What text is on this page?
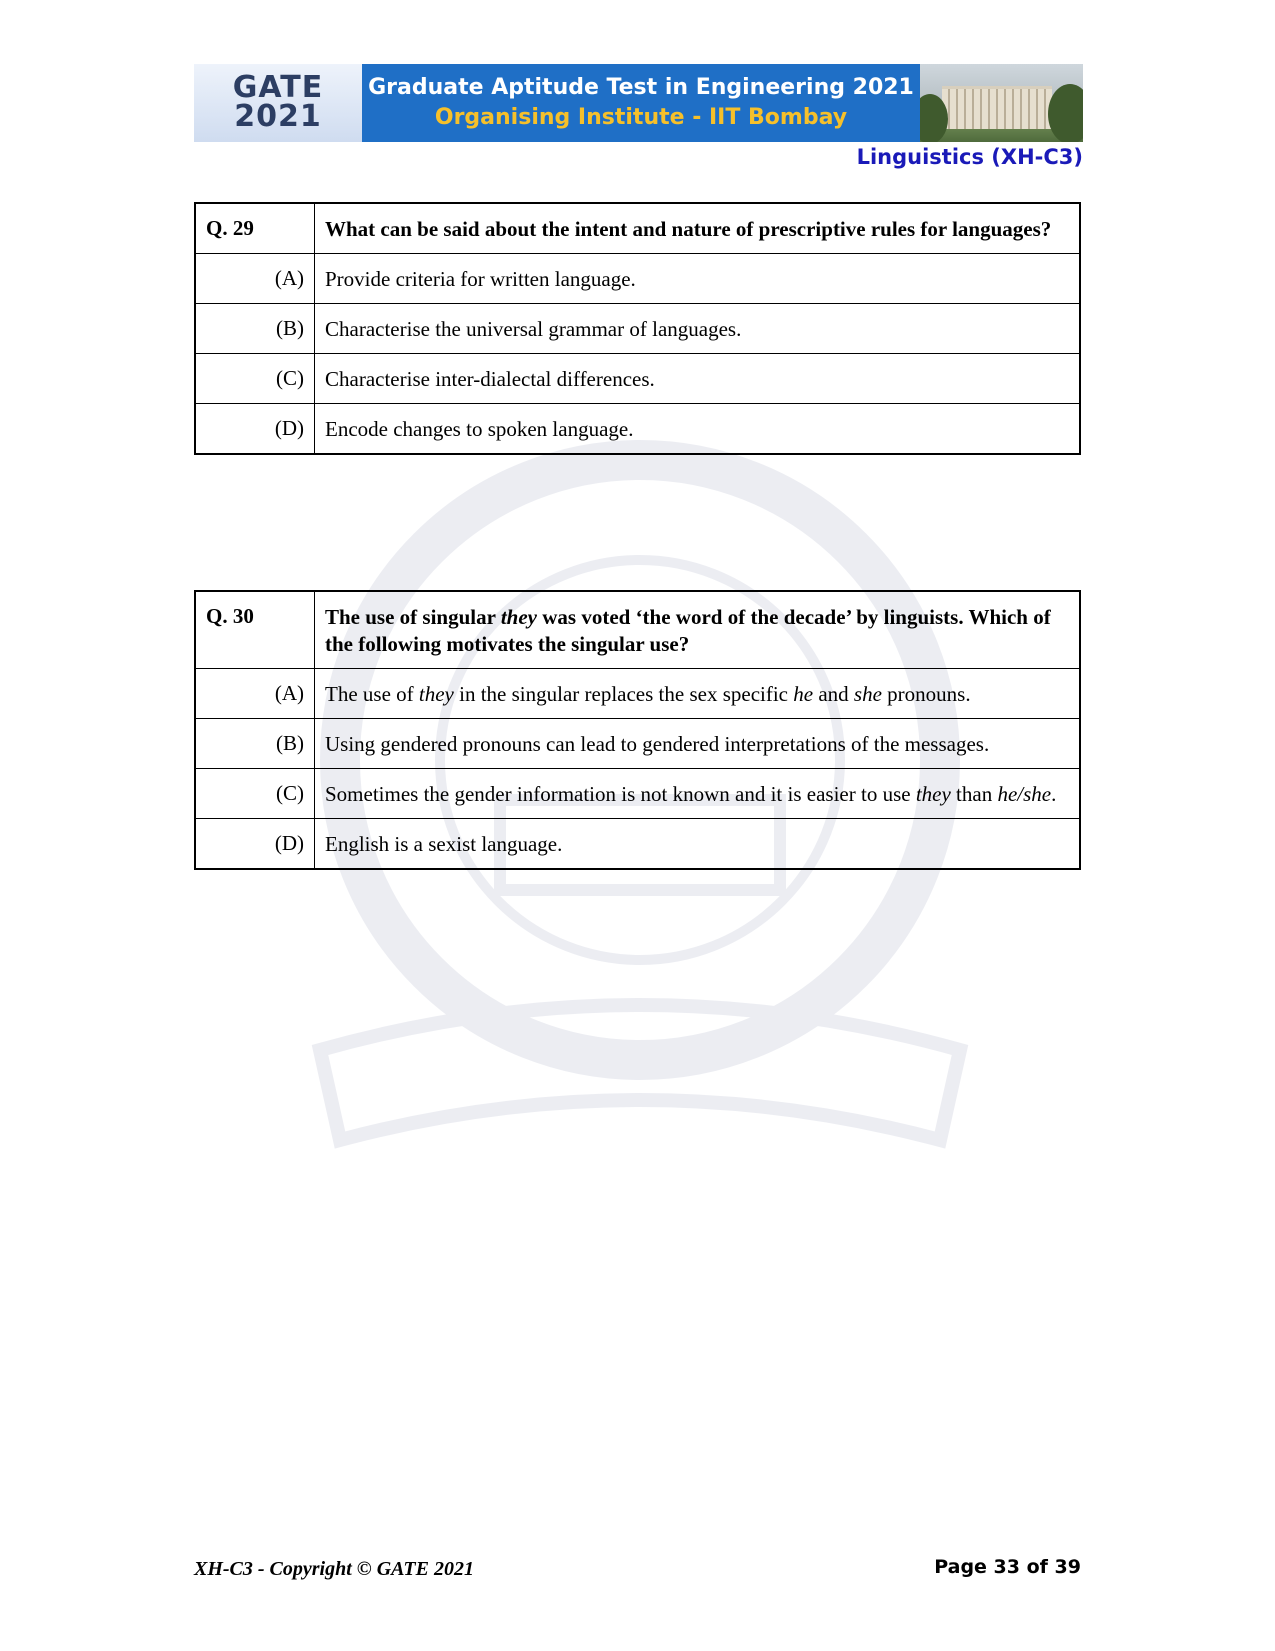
GATE
2021
Graduate Aptitude Test in Engineering 2021
Organising Institute - IIT Bombay
Linguistics (XH-C3)
Q. 29	What can be said about the intent and nature of prescriptive rules for languages?
(A)	Provide criteria for written language.
(B)	Characterise the universal grammar of languages.
(C)	Characterise inter-dialectal differences.
(D)	Encode changes to spoken language.
Q. 30	The use of singular they was voted ‘the word of the decade’ by linguists. Which of the following motivates the singular use?
(A)	The use of they in the singular replaces the sex specific he and she pronouns.
(B)	Using gendered pronouns can lead to gendered interpretations of the messages.
(C)	Sometimes the gender information is not known and it is easier to use they than he/she.
(D)	English is a sexist language.
XH-C3 - Copyright © GATE 2021	Page 33 of 39
